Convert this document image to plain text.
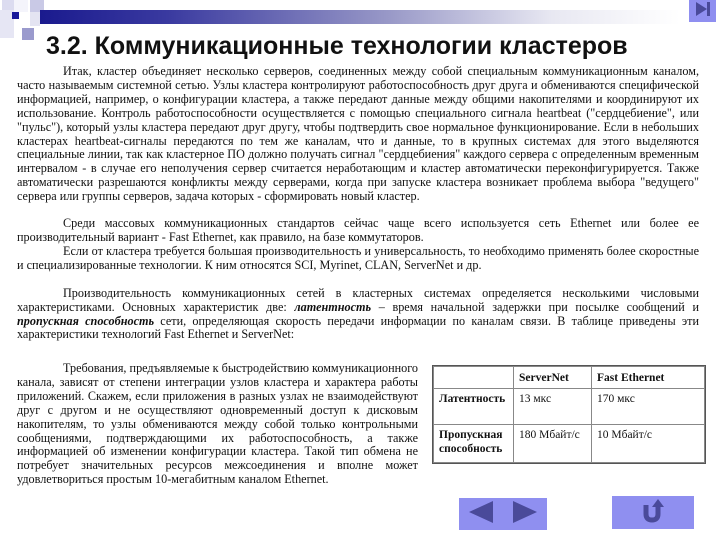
3.2. Коммуникационные технологии кластеров

Итак, кластер объединяет несколько серверов, соединенных между собой специальным коммуникационным каналом, часто называемым системной сетью. Узлы кластера контролируют работоспособность друг друга и обмениваются специфической информацией, например, о конфигурации кластера, а также передают данные между общими накопителями и координируют их использование. Контроль работоспособности осуществляется с помощью специального сигнала heartbeat ("сердцебиение", или "пульс"), который узлы кластера передают друг другу, чтобы подтвердить свое нормальное функционирование. Если в небольших кластерах heartbeat-сигналы передаются по тем же каналам, что и данные, то в крупных системах для этого выделяются специальные линии, так как кластерное ПО должно получать сигнал "сердцебиения" каждого сервера с определенным временным интервалом - в случае его неполучения сервер считается неработающим и кластер автоматически переконфигурируется. Также автоматически разрешаются конфликты между серверами, когда при запуске кластера возникает проблема выбора "ведущего" сервера или группы серверов, задача которых - сформировать новый кластер.

Среди массовых коммуникационных стандартов сейчас чаще всего используется сеть Ethernet или более ее производительный вариант - Fast Ethernet, как правило, на базе коммутаторов.

Если от кластера требуется большая производительность и универсальность, то необходимо применять более скоростные и специализированные технологии. К ним относятся SCI, Myrinet, CLAN, ServerNet и др.

Производительность коммуникационных сетей в кластерных системах определяется несколькими числовыми характеристиками. Основных характеристик две: латентность – время начальной задержки при посылке сообщений и пропускная способность сети, определяющая скорость передачи информации по каналам связи. В таблице приведены эти характеристики технологий Fast Ethernet и ServerNet:

Требования, предъявляемые к быстродействию коммуникационного канала, зависят от степени интеграции узлов кластера и характера работы приложений. Скажем, если приложения в разных узлах не взаимодействуют друг с другом и не осуществляют одновременный доступ к дисковым накопителям, то узлы обмениваются между собой только контрольными сообщениями, подтверждающими их работоспособность, а также информацией об изменении конфигурации кластера. Такой тип обмена не потребует значительных ресурсов межсоединения и вполне может удовлетвориться простым 10-мегабитным каналом Ethernet.

	ServerNet	Fast Ethernet
Латентность	13 мкс	170 мкс
Пропускная способность	180 Мбайт/с	10 Мбайт/с
